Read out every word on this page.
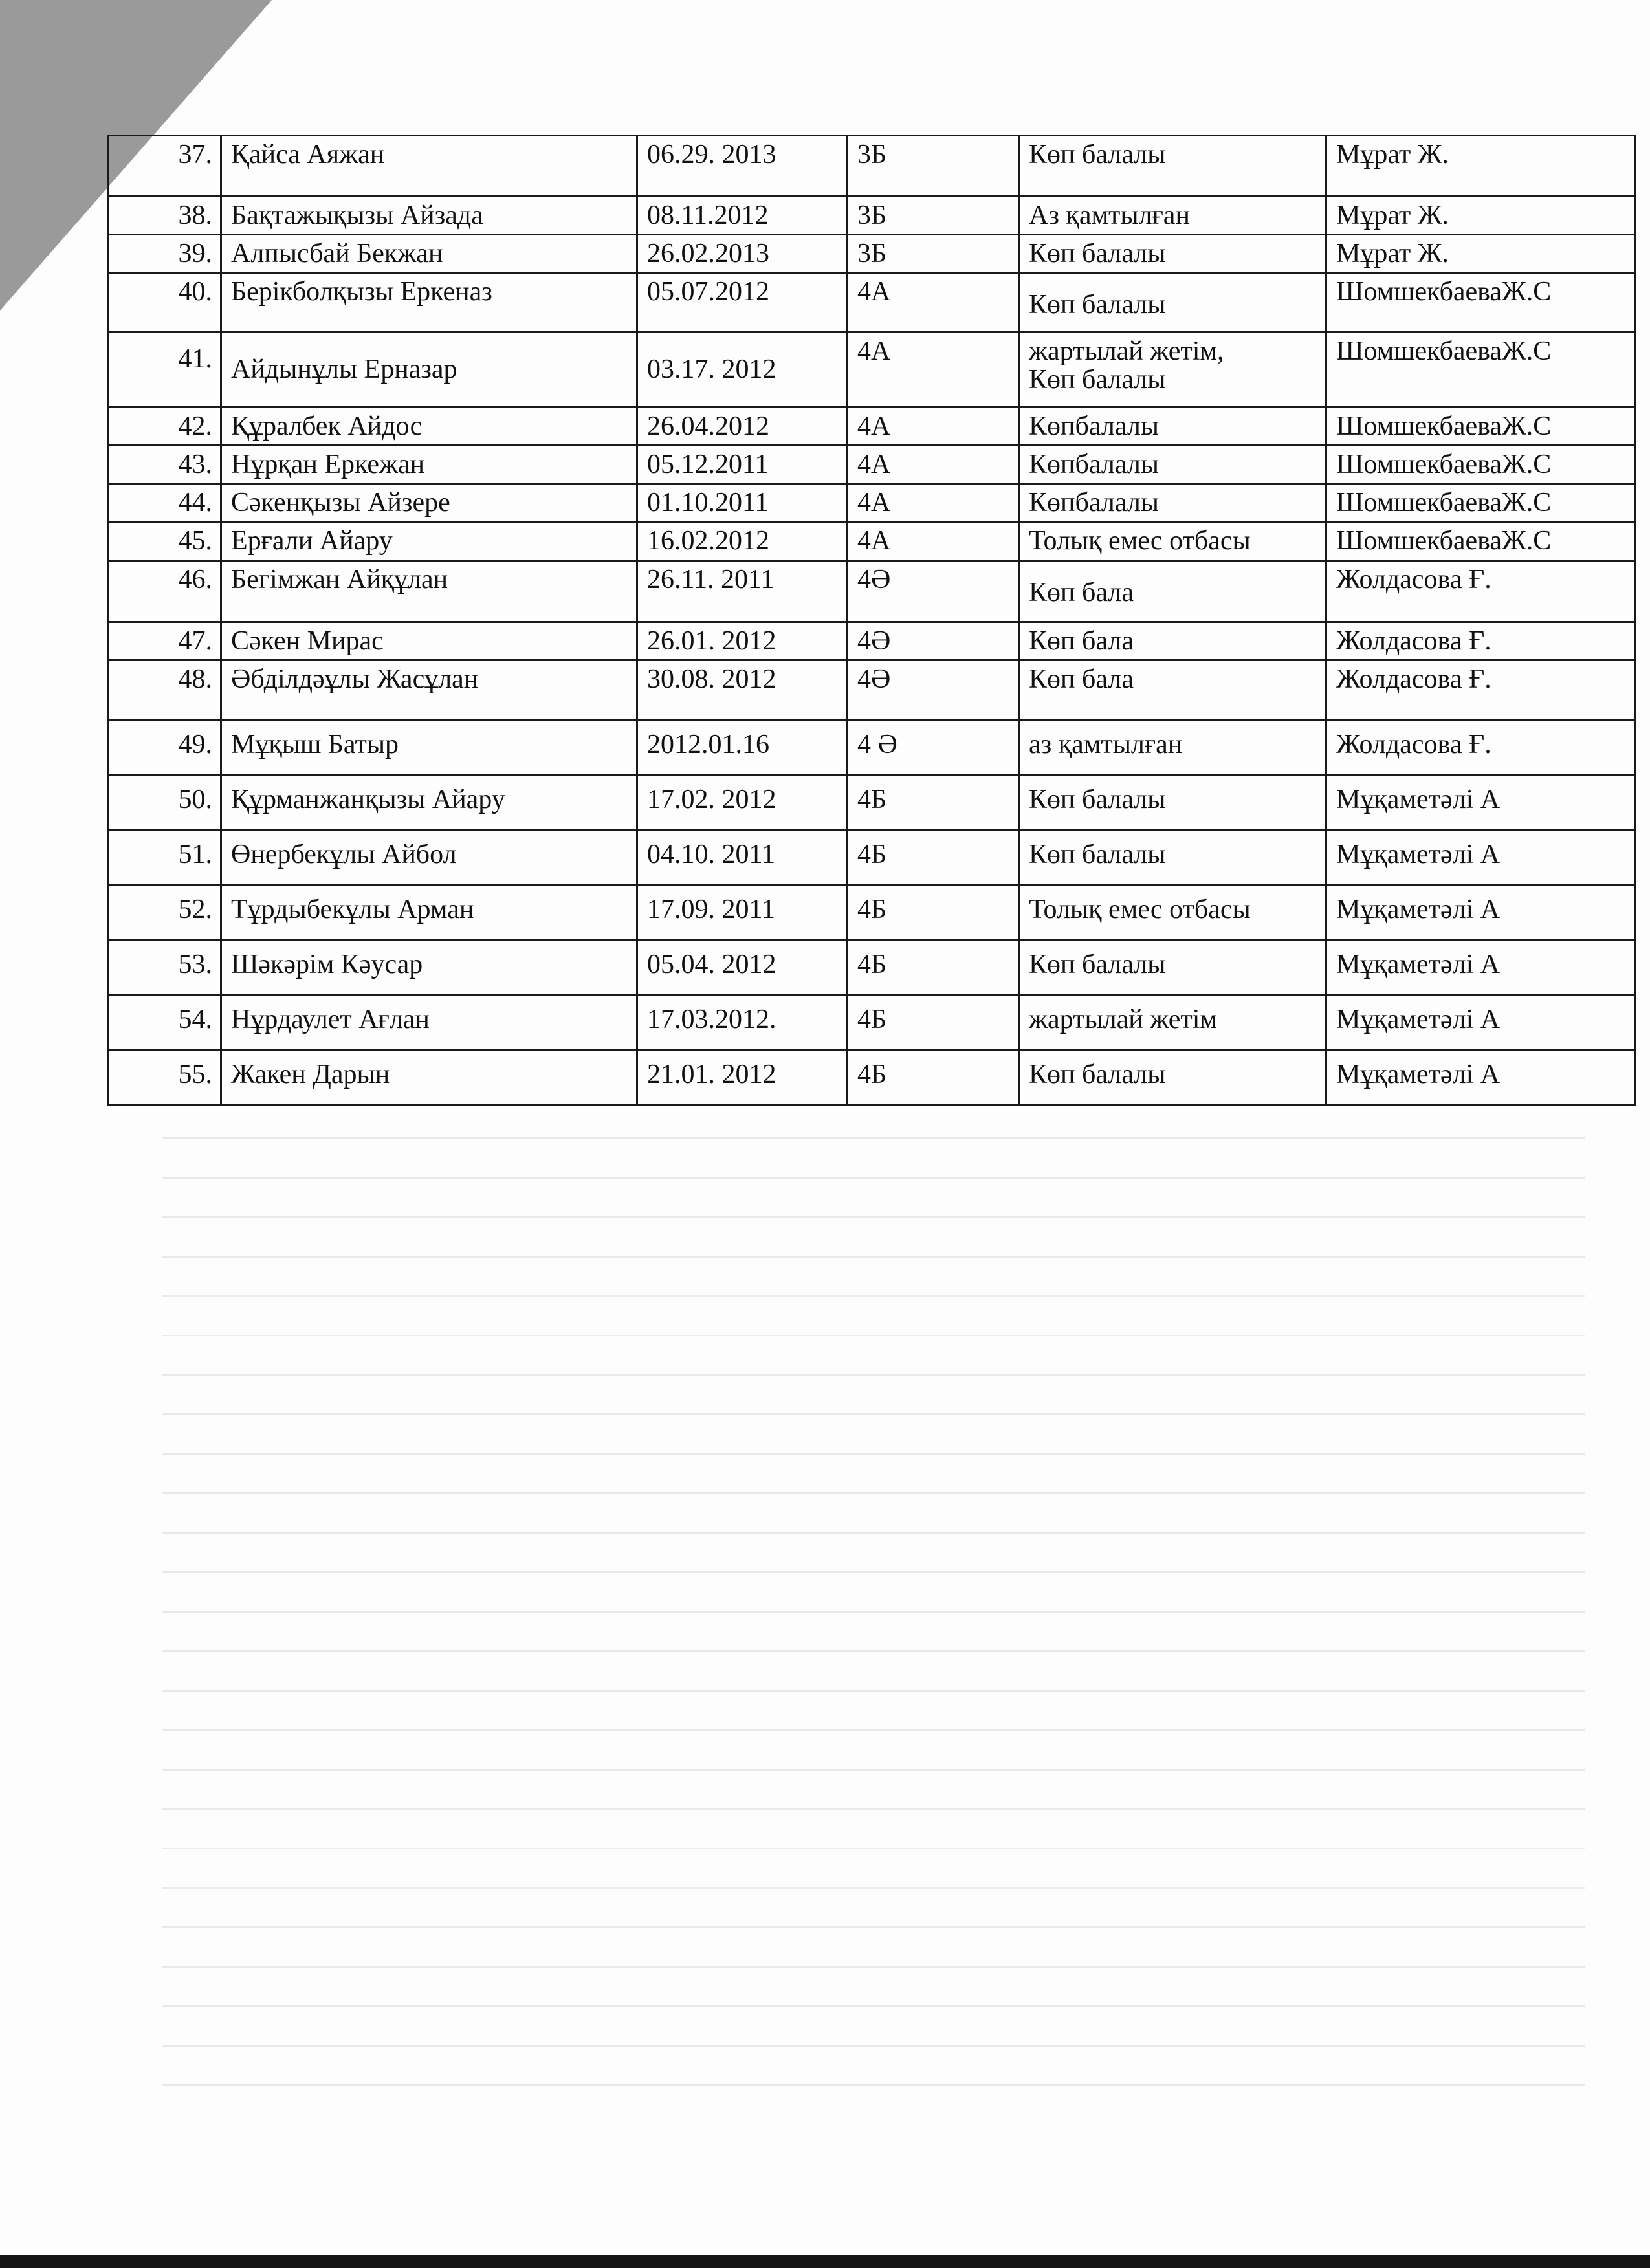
37.	Қайса Аяжан	06.29. 2013	3Б	Көп балалы	Мұрат Ж.
38.	Бақтажықызы Айзада	08.11.2012	3Б	Аз қамтылған	Мұрат Ж.
39.	Алпысбай Бекжан	26.02.2013	3Б	Көп балалы	Мұрат Ж.
40.	Берікболқызы Еркеназ	05.07.2012	4А	Көп балалы	ШомшекбаеваЖ.С
41.	Айдынұлы Ерназар	03.17. 2012	4А	жартылай жетім, Көп балалы	ШомшекбаеваЖ.С
42.	Құралбек Айдос	26.04.2012	4А	Көпбалалы	ШомшекбаеваЖ.С
43.	Нұрқан Еркежан	05.12.2011	4А	Көпбалалы	ШомшекбаеваЖ.С
44.	Сәкенқызы Айзере	01.10.2011	4А	Көпбалалы	ШомшекбаеваЖ.С
45.	Ерғали Айару	16.02.2012	4А	Толық емес отбасы	ШомшекбаеваЖ.С
46.	Бегімжан Айқұлан	26.11. 2011	4Ә	Көп бала	Жолдасова Ғ.
47.	Сәкен Мирас	26.01. 2012	4Ә	Көп бала	Жолдасова Ғ.
48.	Әбділдәұлы Жасұлан	30.08. 2012	4Ә	Көп бала	Жолдасова Ғ.
49.	Мұқыш Батыр	2012.01.16	4 Ә	аз қамтылған	Жолдасова Ғ.
50.	Құрманжанқызы Айару	17.02. 2012	4Б	Көп балалы	Мұқаметәлі А
51.	Өнербекұлы Айбол	04.10. 2011	4Б	Көп балалы	Мұқаметәлі А
52.	Тұрдыбекұлы Арман	17.09. 2011	4Б	Толық емес отбасы	Мұқаметәлі А
53.	Шәкәрім Кәусар	05.04. 2012	4Б	Көп балалы	Мұқаметәлі А
54.	Нұрдаулет Ағлан	17.03.2012.	4Б	жартылай жетім	Мұқаметәлі А
55.	Жакен Дарын	21.01. 2012	4Б	Көп балалы	Мұқаметәлі А
